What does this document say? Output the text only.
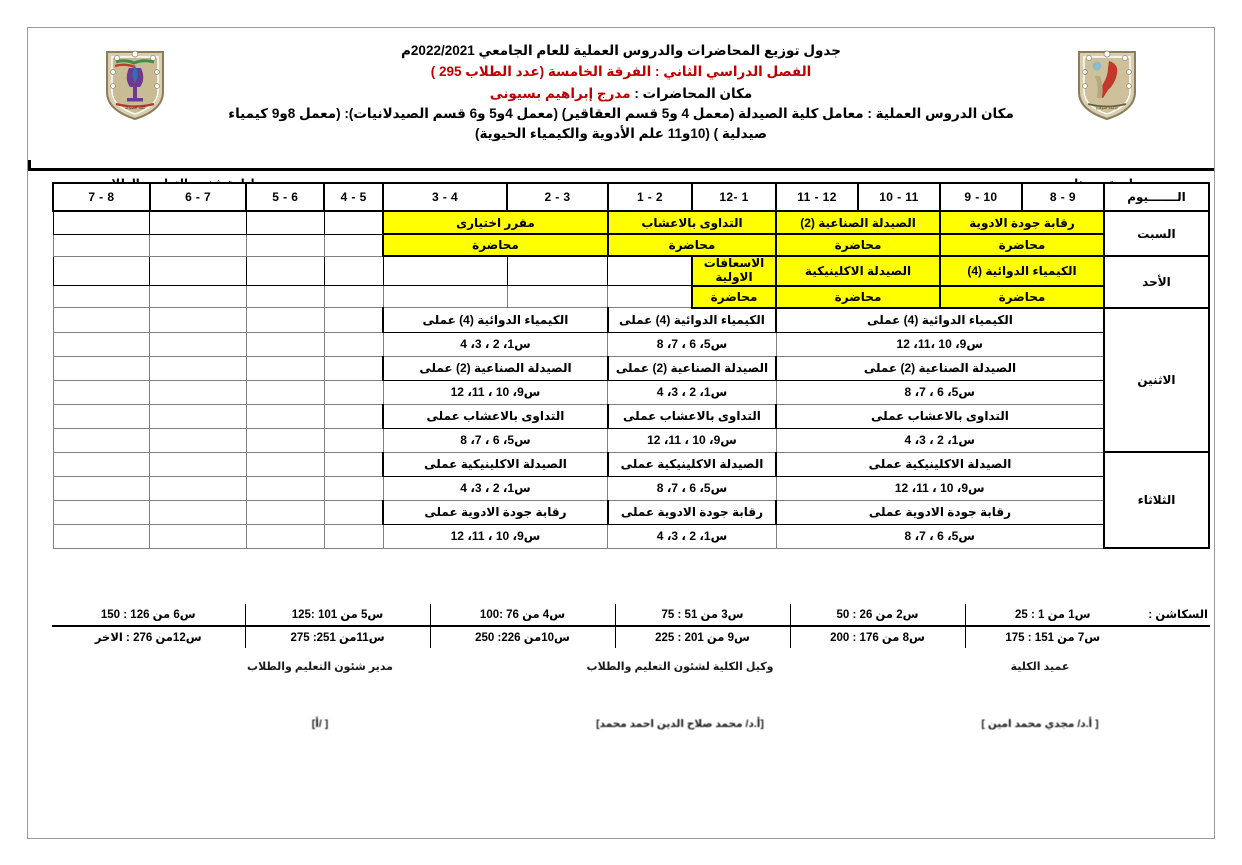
كلية الصيدلة	جامعة سوهاج
جدول توزيع المحاضرات والدروس العملية للعام الجامعي 2022/2021م
الفصل الدراسي الثاني : الفرقة الخامسة (عدد الطلاب 295 )
مكان المحاضرات : مدرج إبراهيم بسيونى
مكان الدروس العملية : معامل كلية الصيدلة (معمل 4 و5 قسم العقاقير) (معمل 4و5 و6 قسم الصيدلانيات): (معمل 8و9 كيمياء صيدلية ) (10و11 علم الأدوية والكيمياء الحيوية)
الـــــــيوم	9 - 8	10 - 9	11 - 10	12 - 11	1 -12	2 - 1	3 - 2	4 - 3	5 - 4	6 - 5	7 - 6	8 - 7
السبت	رقابة جودة الادوية		الصيدلة الصناعية (2)		التداوى بالاعشاب		مقرر اختيارى					
	محاضرة		محاضرة		محاضرة		محاضرة					
الأحد	الكيمياء الدوائية (4)		الصيدلة الاكلينيكية		الاسعافات الاولية							
	محاضرة		محاضرة		محاضرة							
الاثنين	الكيمياء الدوائية (4) عملى				الكيمياء الدوائية (4) عملى		الكيمياء الدوائية (4) عملى					
	س9، 10 ،11، 12				س5، 6 ، 7، 8		س1، 2 ، 3، 4					
	الصيدلة الصناعية (2) عملى				الصيدلة الصناعية (2) عملى		الصيدلة الصناعية (2) عملى					
	س5، 6 ، 7، 8				س1، 2 ، 3، 4		س9، 10 ، 11، 12					
	التداوى بالاعشاب عملى				التداوى بالاعشاب عملى		التداوى بالاعشاب عملى					
	س1، 2 ، 3، 4				س9، 10 ، 11، 12		س5، 6 ، 7، 8					
الثلاثاء	الصيدلة الاكلينيكية عملى				الصيدلة الاكلينيكية عملى		الصيدلة الاكلينيكية عملى					
	س9، 10 ، 11، 12				س5، 6 ، 7، 8		س1، 2 ، 3، 4					
	رقابة جودة الادوية عملى				رقابة جودة الادوية عملى		رقابة جودة الادوية عملى					
	س5، 6 ، 7، 8				س1، 2 ، 3، 4		س9، 10 ، 11، 12					
السكاشن :	س1 من 1 : 25	س2 من 26 : 50	س3 من 51 : 75	س4 من 76 :100	س5 من 101 :125	س6 من 126 : 150
	س7 من 151 : 175	س8 من 176 : 200	س9 من 201 : 225	س10من 226: 250	س11من 251: 275	س12من 276 : الاخر
مدير شئون التعليم والطلاب
[ /أ]
وكيل الكلية لشئون التعليم والطلاب
[أ.د/ محمد صلاح الدين احمد محمد]
عميد الكلية
[ أ.د/ مجدي محمد امين ]
